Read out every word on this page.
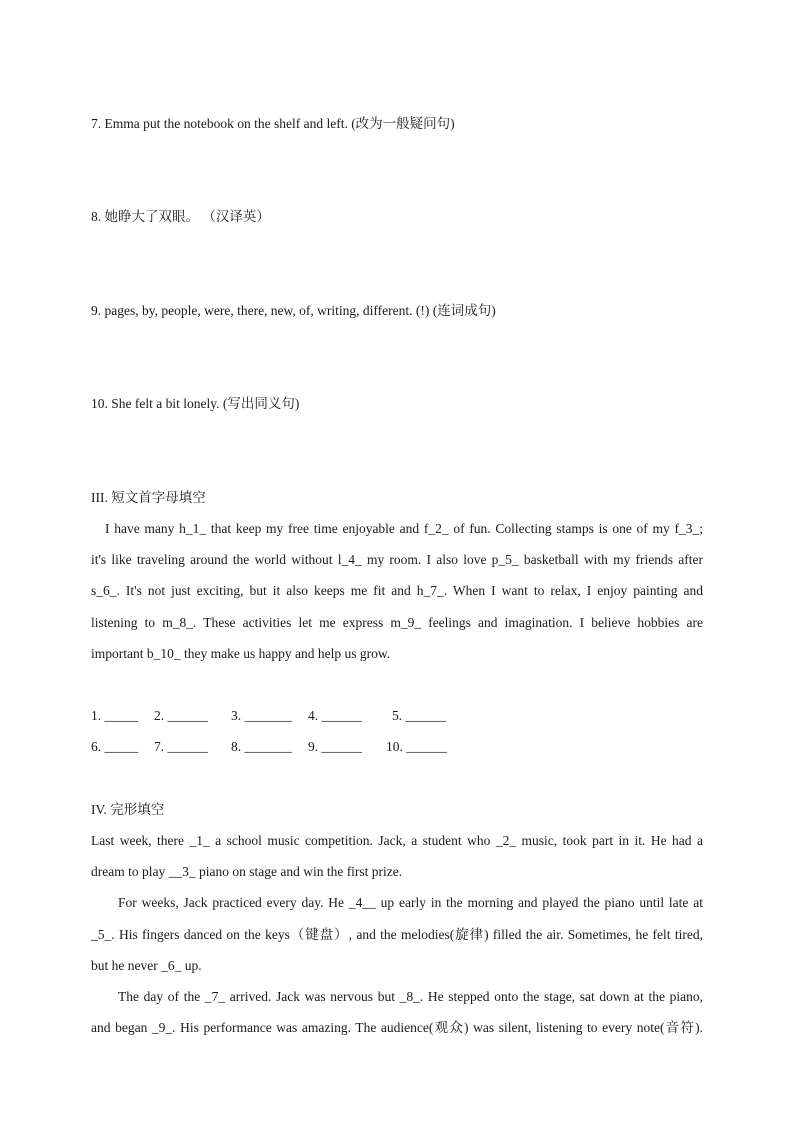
7. Emma put the notebook on the shelf and left. (改为一般疑问句)
8. 她睁大了双眼。 （汉译英）
9. pages, by, people, were, there, new, of, writing, different. (!) (连词成句)
10. She felt a bit lonely. (写出同义句)
III. 短文首字母填空
I have many h_1_ that keep my free time enjoyable and f_2_ of fun. Collecting stamps is one of my f_3_;
it's like traveling around the world without l_4_ my room. I also love p_5_ basketball with my friends after
s_6_. It's not just exciting, but it also keeps me fit and h_7_. When I want to relax, I enjoy painting and
listening to m_8_. These activities let me express m_9_ feelings and imagination. I believe hobbies are
important b_10_ they make us happy and help us grow.
1. _____ 2. ______ 3. _______ 4. ______ 5. ______
6. _____ 7. ______ 8. _______ 9. ______ 10. ______
IV. 完形填空
Last week, there _1_ a school music competition. Jack, a student who _2_ music, took part in it. He had a
dream to play __3_ piano on stage and win the first prize.
For weeks, Jack practiced every day. He _4__ up early in the morning and played the piano until late at
_5_. His fingers danced on the keys（键盘）, and the melodies(旋律) filled the air. Sometimes, he felt tired,
but he never _6_ up.
The day of the _7_ arrived. Jack was nervous but _8_. He stepped onto the stage, sat down at the piano,
and began _9_. His performance was amazing. The audience(观众) was silent, listening to every note(音符).
